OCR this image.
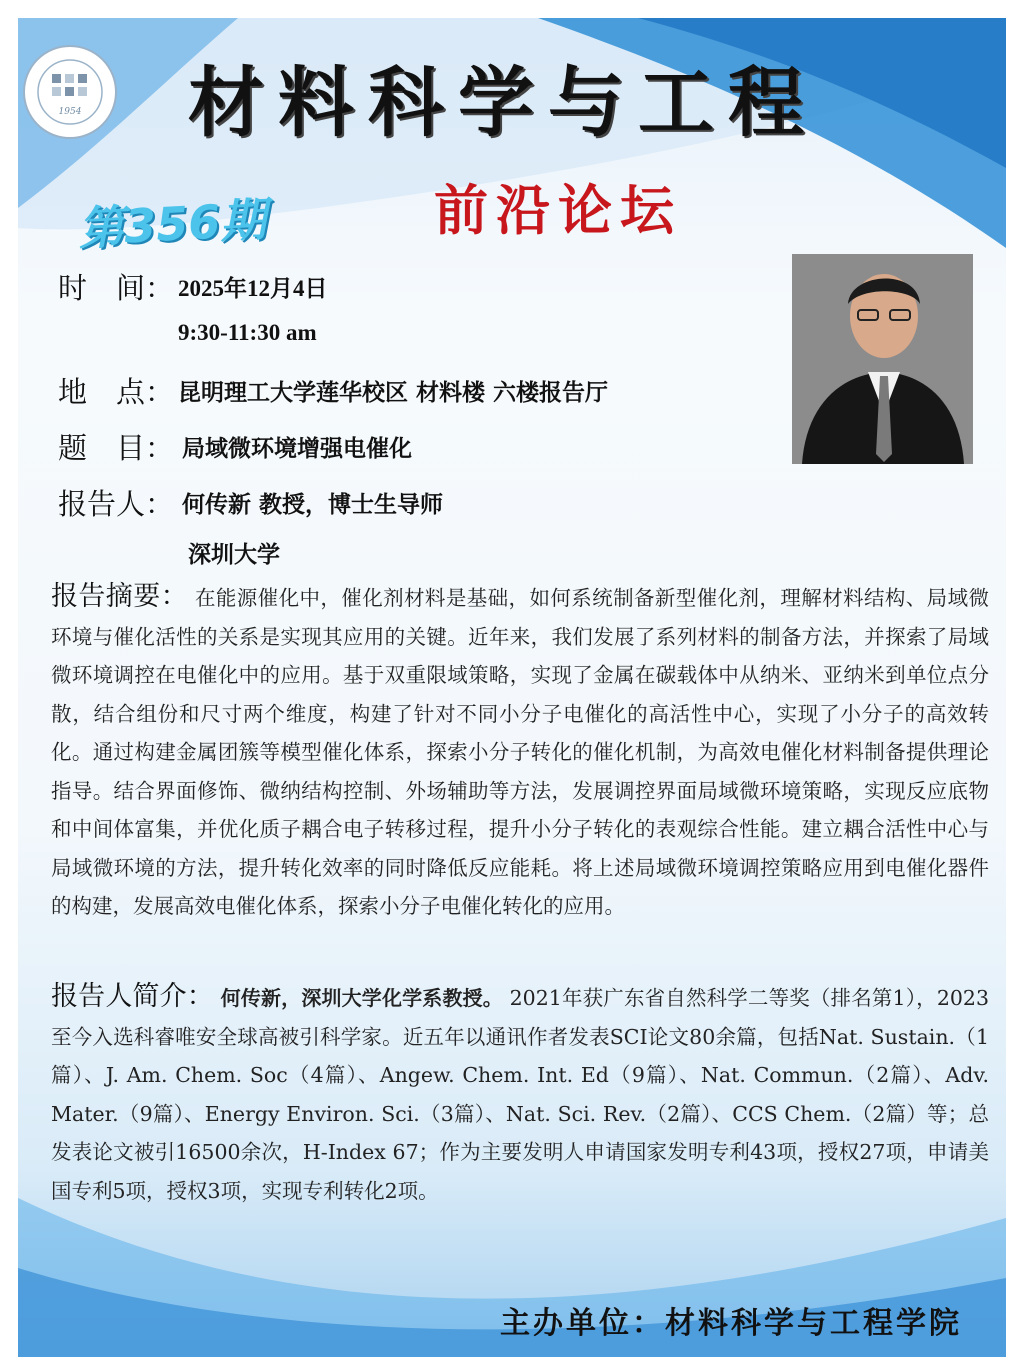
1954 材料科学与工程
第356期	前沿论坛
时　间： 2025年12月4日
9:30-11:30 am
地　点： 昆明理工大学莲华校区 材料楼 六楼报告厅
题　目： 局域微环境增强电催化
报告人： 何传新 教授，博士生导师
深圳大学

报告摘要： 在能源催化中，催化剂材料是基础，如何系统制备新型催化剂，理解材料结构、局域微环境与催化活性的关系是实现其应用的关键。近年来，我们发展了系列材料的制备方法，并探索了局域微环境调控在电催化中的应用。基于双重限域策略，实现了金属在碳载体中从纳米、亚纳米到单位点分散，结合组份和尺寸两个维度，构建了针对不同小分子电催化的高活性中心，实现了小分子的高效转化。通过构建金属团簇等模型催化体系，探索小分子转化的催化机制，为高效电催化材料制备提供理论指导。结合界面修饰、微纳结构控制、外场辅助等方法，发展调控界面局域微环境策略，实现反应底物和中间体富集，并优化质子耦合电子转移过程，提升小分子转化的表观综合性能。建立耦合活性中心与局域微环境的方法，提升转化效率的同时降低反应能耗。将上述局域微环境调控策略应用到电催化器件的构建，发展高效电催化体系，探索小分子电催化转化的应用。

报告人简介： 何传新，深圳大学化学系教授。 2021年获广东省自然科学二等奖（排名第1），2023至今入选科睿唯安全球高被引科学家。近五年以通讯作者发表SCI论文80余篇，包括Nat. Sustain.（1篇）、J. Am. Chem. Soc（4篇）、Angew. Chem. Int. Ed（9篇）、Nat. Commun.（2篇）、Adv. Mater.（9篇）、Energy Environ. Sci.（3篇）、Nat. Sci. Rev.（2篇）、CCS Chem.（2篇）等；总发表论文被引16500余次，H-Index 67；作为主要发明人申请国家发明专利43项，授权27项，申请美国专利5项，授权3项，实现专利转化2项。

主办单位：材料科学与工程学院
